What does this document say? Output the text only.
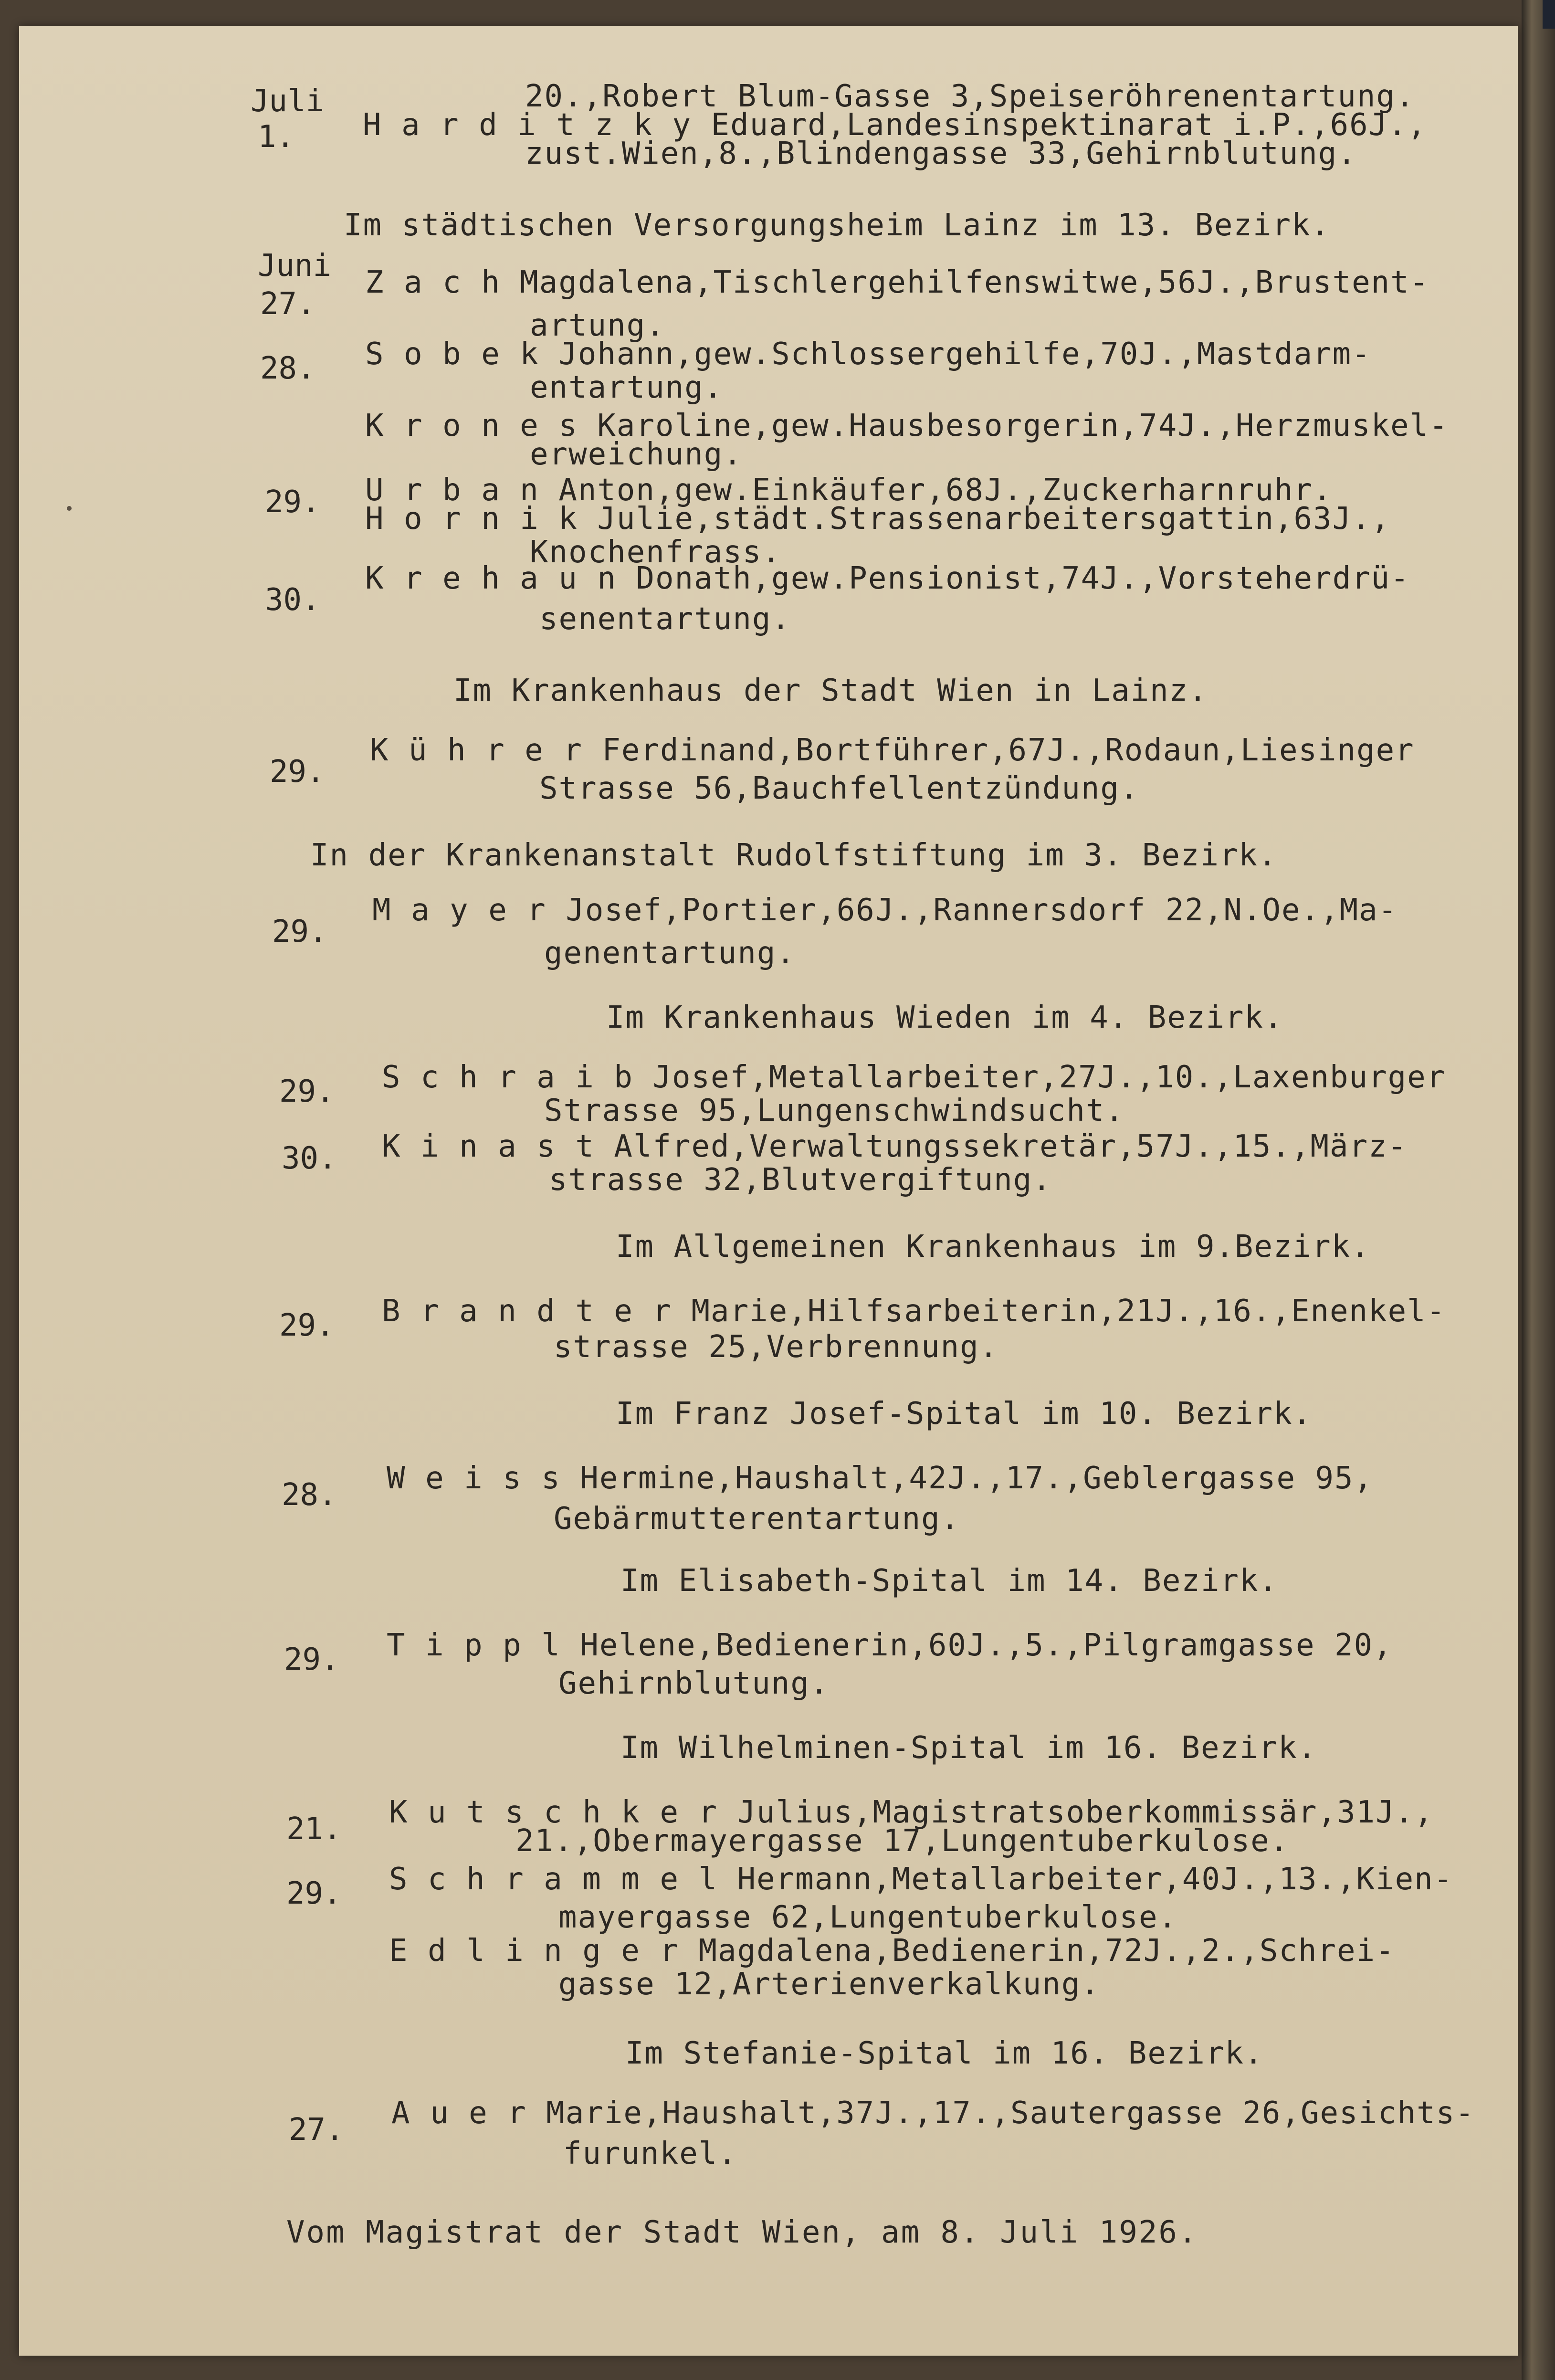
Juli	20.,Robert Blum-Gasse 3,Speiseröhrenentartung.
1. H a r d i t z k y Eduard,Landesinspektinarat i.P.,66J.,
zust.Wien,8.,Blindengasse 33,Gehirnblutung.
Im städtischen Versorgungsheim Lainz im 13. Bezirk.
Juni
27.
Z a c h Magdalena,Tischlergehilfenswitwe,56J.,Brustent-
artung.
28. S o b e k Johann,gew.Schlossergehilfe,70J.,Mastdarm-
entartung.
K r o n e s Karoline,gew.Hausbesorgerin,74J.,Herzmuskel-
erweichung.
29. U r b a n Anton,gew.Einkäufer,68J.,Zuckerharnruhr.
H o r n i k Julie,städt.Strassenarbeitersgattin,63J.,
Knochenfrass.
30.
K r e h a u n Donath,gew.Pensionist,74J.,Vorsteherdrü-
senentartung.
Im Krankenhaus der Stadt Wien in Lainz.
29.
K ü h r e r Ferdinand,Bortführer,67J.,Rodaun,Liesinger
Strasse 56,Bauchfellentzündung.
In der Krankenanstalt Rudolfstiftung im 3. Bezirk.
29.
M a y e r Josef,Portier,66J.,Rannersdorf 22,N.Oe.,Ma-
genentartung.
Im Krankenhaus Wieden im 4. Bezirk.
29. S c h r a i b Josef,Metallarbeiter,27J.,10.,Laxenburger
Strasse 95,Lungenschwindsucht.
30. K i n a s t Alfred,Verwaltungssekretär,57J.,15.,März-
strasse 32,Blutvergiftung.
Im Allgemeinen Krankenhaus im 9.Bezirk.
29. B r a n d t e r Marie,Hilfsarbeiterin,21J.,16.,Enenkel-
strasse 25,Verbrennung.
Im Franz Josef-Spital im 10. Bezirk.
28. W e i s s Hermine,Haushalt,42J.,17.,Geblergasse 95,
Gebärmutterentartung.
Im Elisabeth-Spital im 14. Bezirk.
29. T i p p l Helene,Bedienerin,60J.,5.,Pilgramgasse 20,
Gehirnblutung.
Im Wilhelminen-Spital im 16. Bezirk.
21. K u t s c h k e r Julius,Magistratsoberkommissär,31J.,
21.,Obermayergasse 17,Lungentuberkulose.
29. S c h r a m m e l Hermann,Metallarbeiter,40J.,13.,Kien-
mayergasse 62,Lungentuberkulose.
E d l i n g e r Magdalena,Bedienerin,72J.,2.,Schrei-
gasse 12,Arterienverkalkung.
Im Stefanie-Spital im 16. Bezirk.
27. A u e r Marie,Haushalt,37J.,17.,Sautergasse 26,Gesichts-
furunkel.
Vom Magistrat der Stadt Wien, am 8. Juli 1926.
